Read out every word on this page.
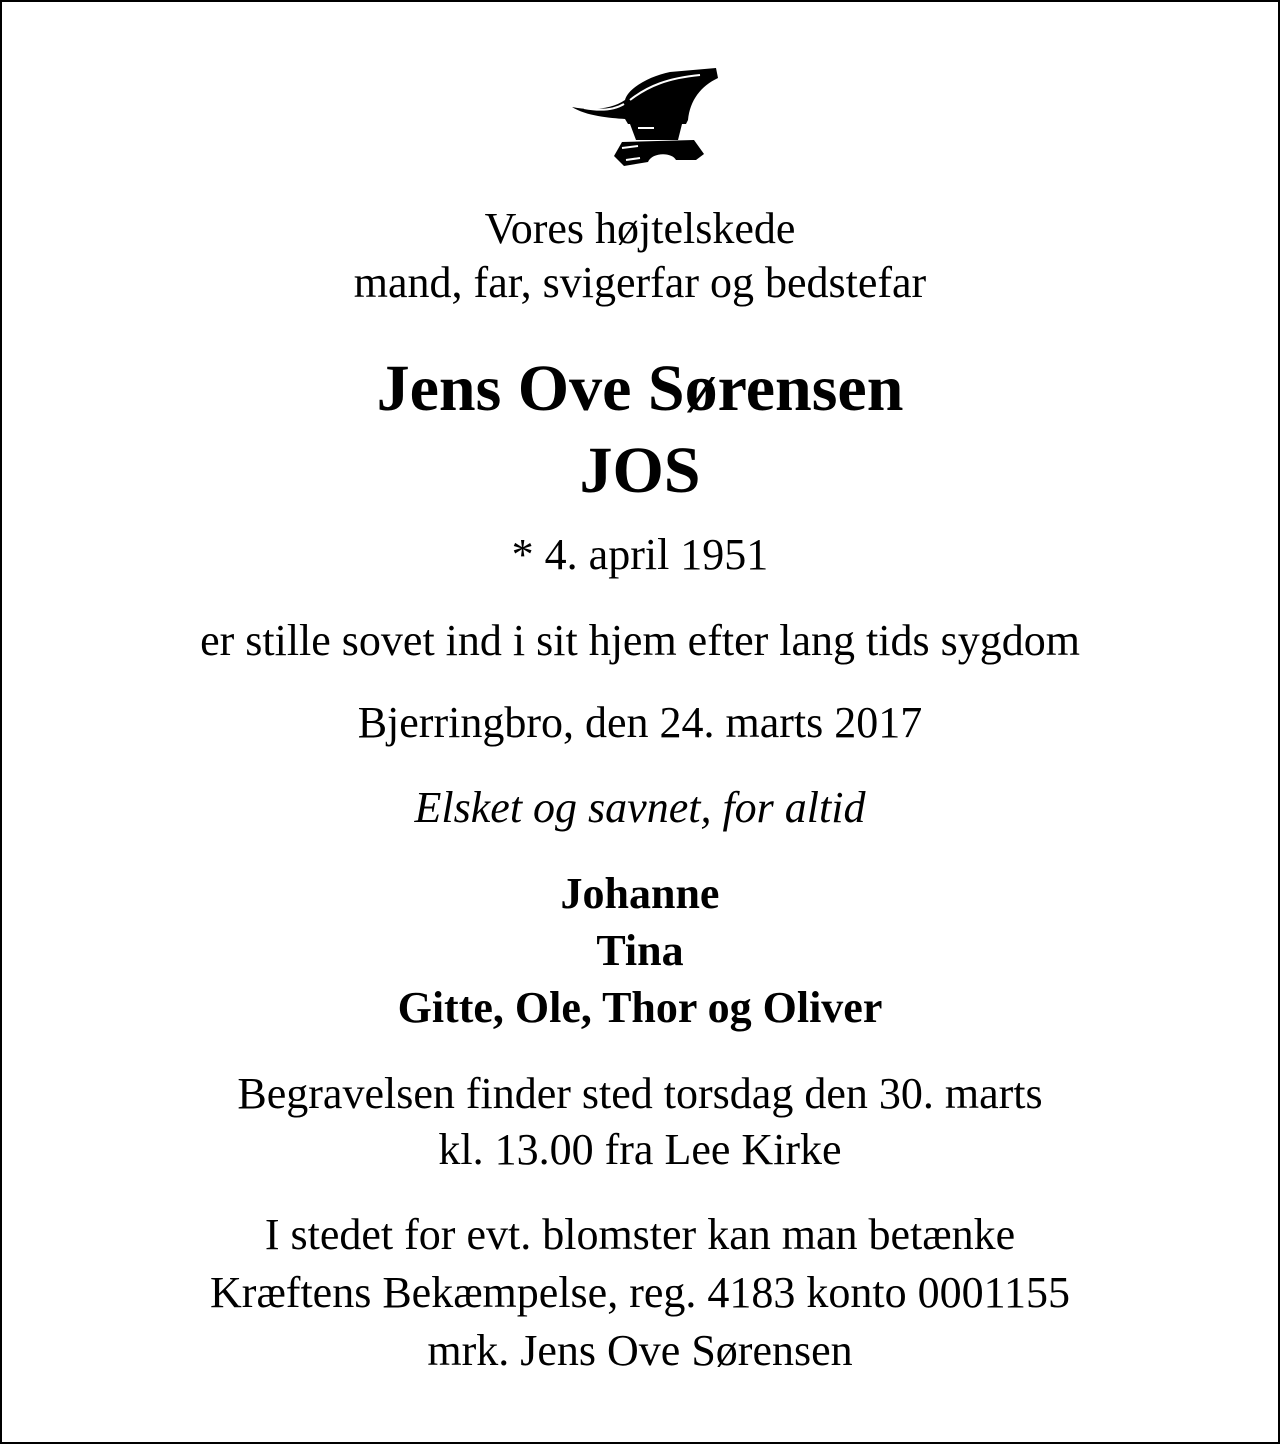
Vores højtelskede
mand, far, svigerfar og bedstefar
Jens Ove Sørensen
JOS
* 4. april 1951
er stille sovet ind i sit hjem efter lang tids sygdom
Bjerringbro, den 24. marts 2017
Elsket og savnet, for altid
Johanne
Tina
Gitte, Ole, Thor og Oliver
Begravelsen finder sted torsdag den 30. marts
kl. 13.00 fra Lee Kirke
I stedet for evt. blomster kan man betænke
Kræftens Bekæmpelse, reg. 4183 konto 0001155
mrk. Jens Ove Sørensen
